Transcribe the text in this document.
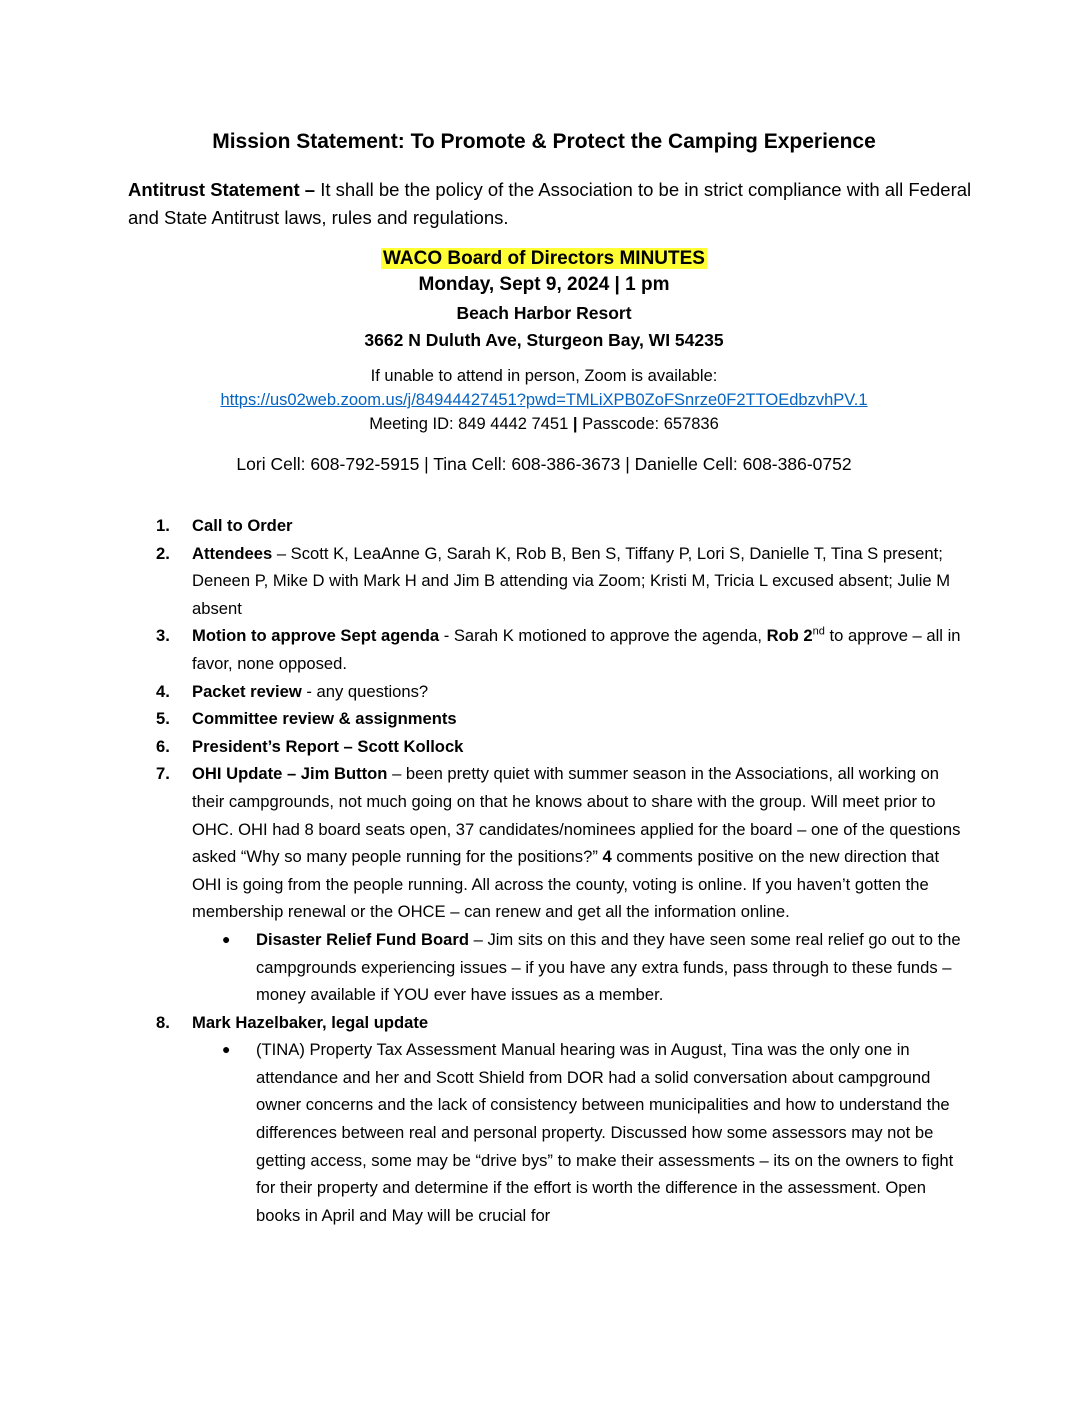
Mission Statement: To Promote & Protect the Camping Experience
Antitrust Statement – It shall be the policy of the Association to be in strict compliance with all Federal and State Antitrust laws, rules and regulations.
WACO Board of Directors MINUTES
Monday, Sept 9, 2024 | 1 pm
Beach Harbor Resort
3662 N Duluth Ave, Sturgeon Bay, WI 54235
If unable to attend in person, Zoom is available:
https://us02web.zoom.us/j/84944427451?pwd=TMLiXPB0ZoFSnrze0F2TTOEdbzvhPV.1
Meeting ID: 849 4442 7451 | Passcode: 657836
Lori Cell: 608-792-5915 | Tina Cell: 608-386-3673 | Danielle Cell: 608-386-0752
1. Call to Order
2. Attendees – Scott K, LeaAnne G, Sarah K, Rob B, Ben S, Tiffany P, Lori S, Danielle T, Tina S present; Deneen P, Mike D with Mark H and Jim B attending via Zoom; Kristi M, Tricia L excused absent; Julie M absent
3. Motion to approve Sept agenda - Sarah K motioned to approve the agenda, Rob 2nd to approve – all in favor, none opposed.
4. Packet review - any questions?
5. Committee review & assignments
6. President’s Report – Scott Kollock
7. OHI Update – Jim Button – been pretty quiet with summer season in the Associations, all working on their campgrounds, not much going on that he knows about to share with the group. Will meet prior to OHC. OHI had 8 board seats open, 37 candidates/nominees applied for the board – one of the questions asked “Why so many people running for the positions?” 4 comments positive on the new direction that OHI is going from the people running. All across the county, voting is online. If you haven’t gotten the membership renewal or the OHCE – can renew and get all the information online.
● Disaster Relief Fund Board – Jim sits on this and they have seen some real relief go out to the campgrounds experiencing issues – if you have any extra funds, pass through to these funds – money available if YOU ever have issues as a member.
8. Mark Hazelbaker, legal update
● (TINA) Property Tax Assessment Manual hearing was in August, Tina was the only one in attendance and her and Scott Shield from DOR had a solid conversation about campground owner concerns and the lack of consistency between municipalities and how to understand the differences between real and personal property. Discussed how some assessors may not be getting access, some may be “drive bys” to make their assessments – its on the owners to fight for their property and determine if the effort is worth the difference in the assessment. Open books in April and May will be crucial for
